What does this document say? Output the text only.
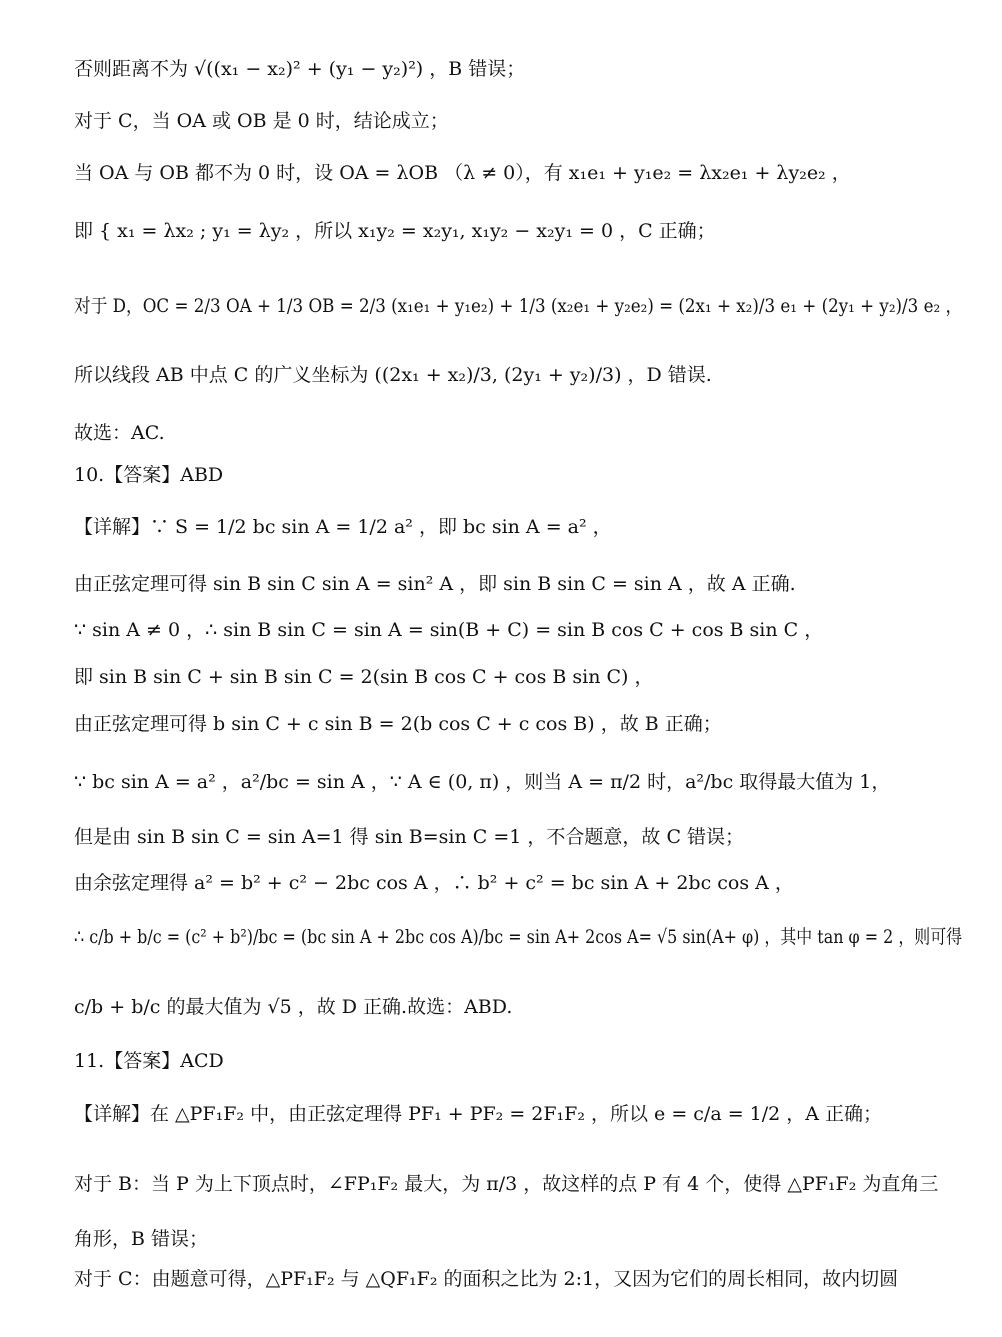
否则距离不为 √((x₁ − x₂)² + (y₁ − y₂)²) ，B 错误；
对于 C，当 OA 或 OB 是 0 时，结论成立；
当 OA 与 OB 都不为 0 时，设 OA = λOB （λ ≠ 0），有 x₁e₁ + y₁e₂ = λx₂e₁ + λy₂e₂ ，
即 { x₁ = λx₂ ; y₁ = λy₂ ，所以 x₁y₂ = x₂y₁, x₁y₂ − x₂y₁ = 0 ，C 正确；
对于 D，OC = 2/3 OA + 1/3 OB = 2/3 (x₁e₁ + y₁e₂) + 1/3 (x₂e₁ + y₂e₂) = (2x₁ + x₂)/3 e₁ + (2y₁ + y₂)/3 e₂ ，
所以线段 AB 中点 C 的广义坐标为 ((2x₁ + x₂)/3, (2y₁ + y₂)/3) ，D 错误.
故选：AC.
10.【答案】ABD
【详解】∵ S = 1/2 bc sin A = 1/2 a² ，即 bc sin A = a² ，
由正弦定理可得 sin B sin C sin A = sin² A ，即 sin B sin C = sin A ，故 A 正确.
∵ sin A ≠ 0 ，∴ sin B sin C = sin A = sin(B + C) = sin B cos C + cos B sin C ，
即 sin B sin C + sin B sin C = 2(sin B cos C + cos B sin C) ，
由正弦定理可得 b sin C + c sin B = 2(b cos C + c cos B) ，故 B 正确；
∵ bc sin A = a² ，a²/bc = sin A ，∵ A ∈ (0, π) ，则当 A = π/2 时，a²/bc 取得最大值为 1，
但是由 sin B sin C = sin A=1 得 sin B=sin C =1 ，不合题意，故 C 错误；
由余弦定理得 a² = b² + c² − 2bc cos A ，∴ b² + c² = bc sin A + 2bc cos A ，
∴ c/b + b/c = (c² + b²)/bc = (bc sin A + 2bc cos A)/bc = sin A+ 2cos A= √5 sin(A+ φ) ，其中 tan φ = 2 ，则可得
c/b + b/c 的最大值为 √5 ，故 D 正确.故选：ABD.
11.【答案】ACD
【详解】在 △PF₁F₂ 中，由正弦定理得 PF₁ + PF₂ = 2F₁F₂ ，所以 e = c/a = 1/2 ，A 正确；
对于 B：当 P 为上下顶点时，∠FP₁F₂ 最大，为 π/3 ，故这样的点 P 有 4 个，使得 △PF₁F₂ 为直角三
角形，B 错误；
对于 C：由题意可得，△PF₁F₂ 与 △QF₁F₂ 的面积之比为 2:1，又因为它们的周长相同，故内切圆
